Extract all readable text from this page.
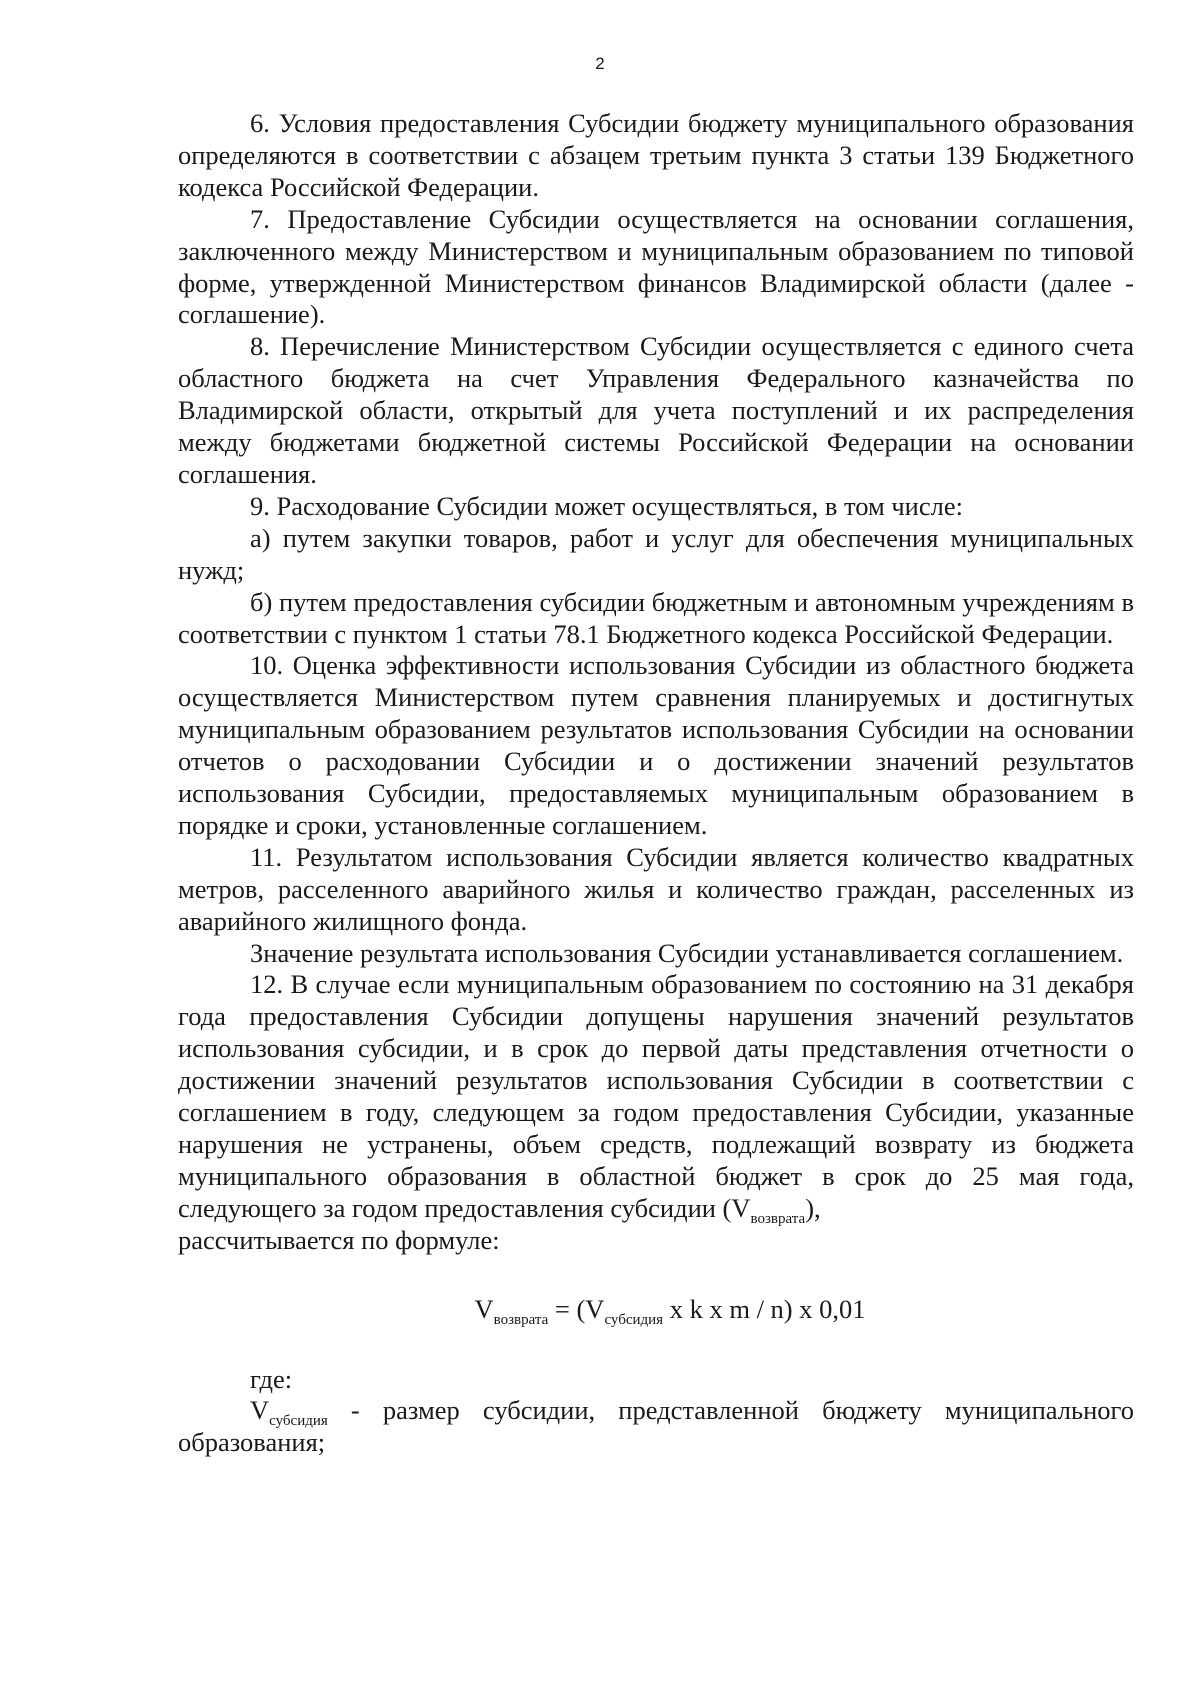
2

6. Условия предоставления Субсидии бюджету муниципального образования определяются в соответствии с абзацем третьим пункта 3 статьи 139 Бюджетного кодекса Российской Федерации.

7. Предоставление Субсидии осуществляется на основании соглашения, заключенного между Министерством и муниципальным образованием по типовой форме, утвержденной Министерством финансов Владимирской области (далее - соглашение).

8. Перечисление Министерством Субсидии осуществляется с единого счета областного бюджета на счет Управления Федерального казначейства по Владимирской области, открытый для учета поступлений и их распределения между бюджетами бюджетной системы Российской Федерации на основании соглашения.

9. Расходование Субсидии может осуществляться, в том числе:

а) путем закупки товаров, работ и услуг для обеспечения муниципальных нужд;

б) путем предоставления субсидии бюджетным и автономным учреждениям в соответствии с пунктом 1 статьи 78.1 Бюджетного кодекса Российской Федерации.

10. Оценка эффективности использования Субсидии из областного бюджета осуществляется Министерством путем сравнения планируемых и достигнутых муниципальным образованием результатов использования Субсидии на основании отчетов о расходовании Субсидии и о достижении значений результатов использования Субсидии, предоставляемых муниципальным образованием в порядке и сроки, установленные соглашением.

11. Результатом использования Субсидии является количество квадратных метров, расселенного аварийного жилья и количество граждан, расселенных из аварийного жилищного фонда.

Значение результата использования Субсидии устанавливается соглашением.

12. В случае если муниципальным образованием по состоянию на 31 декабря года предоставления Субсидии допущены нарушения значений результатов использования субсидии, и в срок до первой даты представления отчетности о достижении значений результатов использования Субсидии в соответствии с соглашением в году, следующем за годом предоставления Субсидии, указанные нарушения не устранены, объем средств, подлежащий возврату из бюджета муниципального образования в областной бюджет в срок до 25 мая года, следующего за годом предоставления субсидии $(V_{возврата})$,

рассчитывается по формуле:

$V_{возврата} = (V_{субсидия}$ x k x m / n) x 0,01

где:

$V_{субсидия}$ - размер субсидии, представленной бюджету муниципального образования;
